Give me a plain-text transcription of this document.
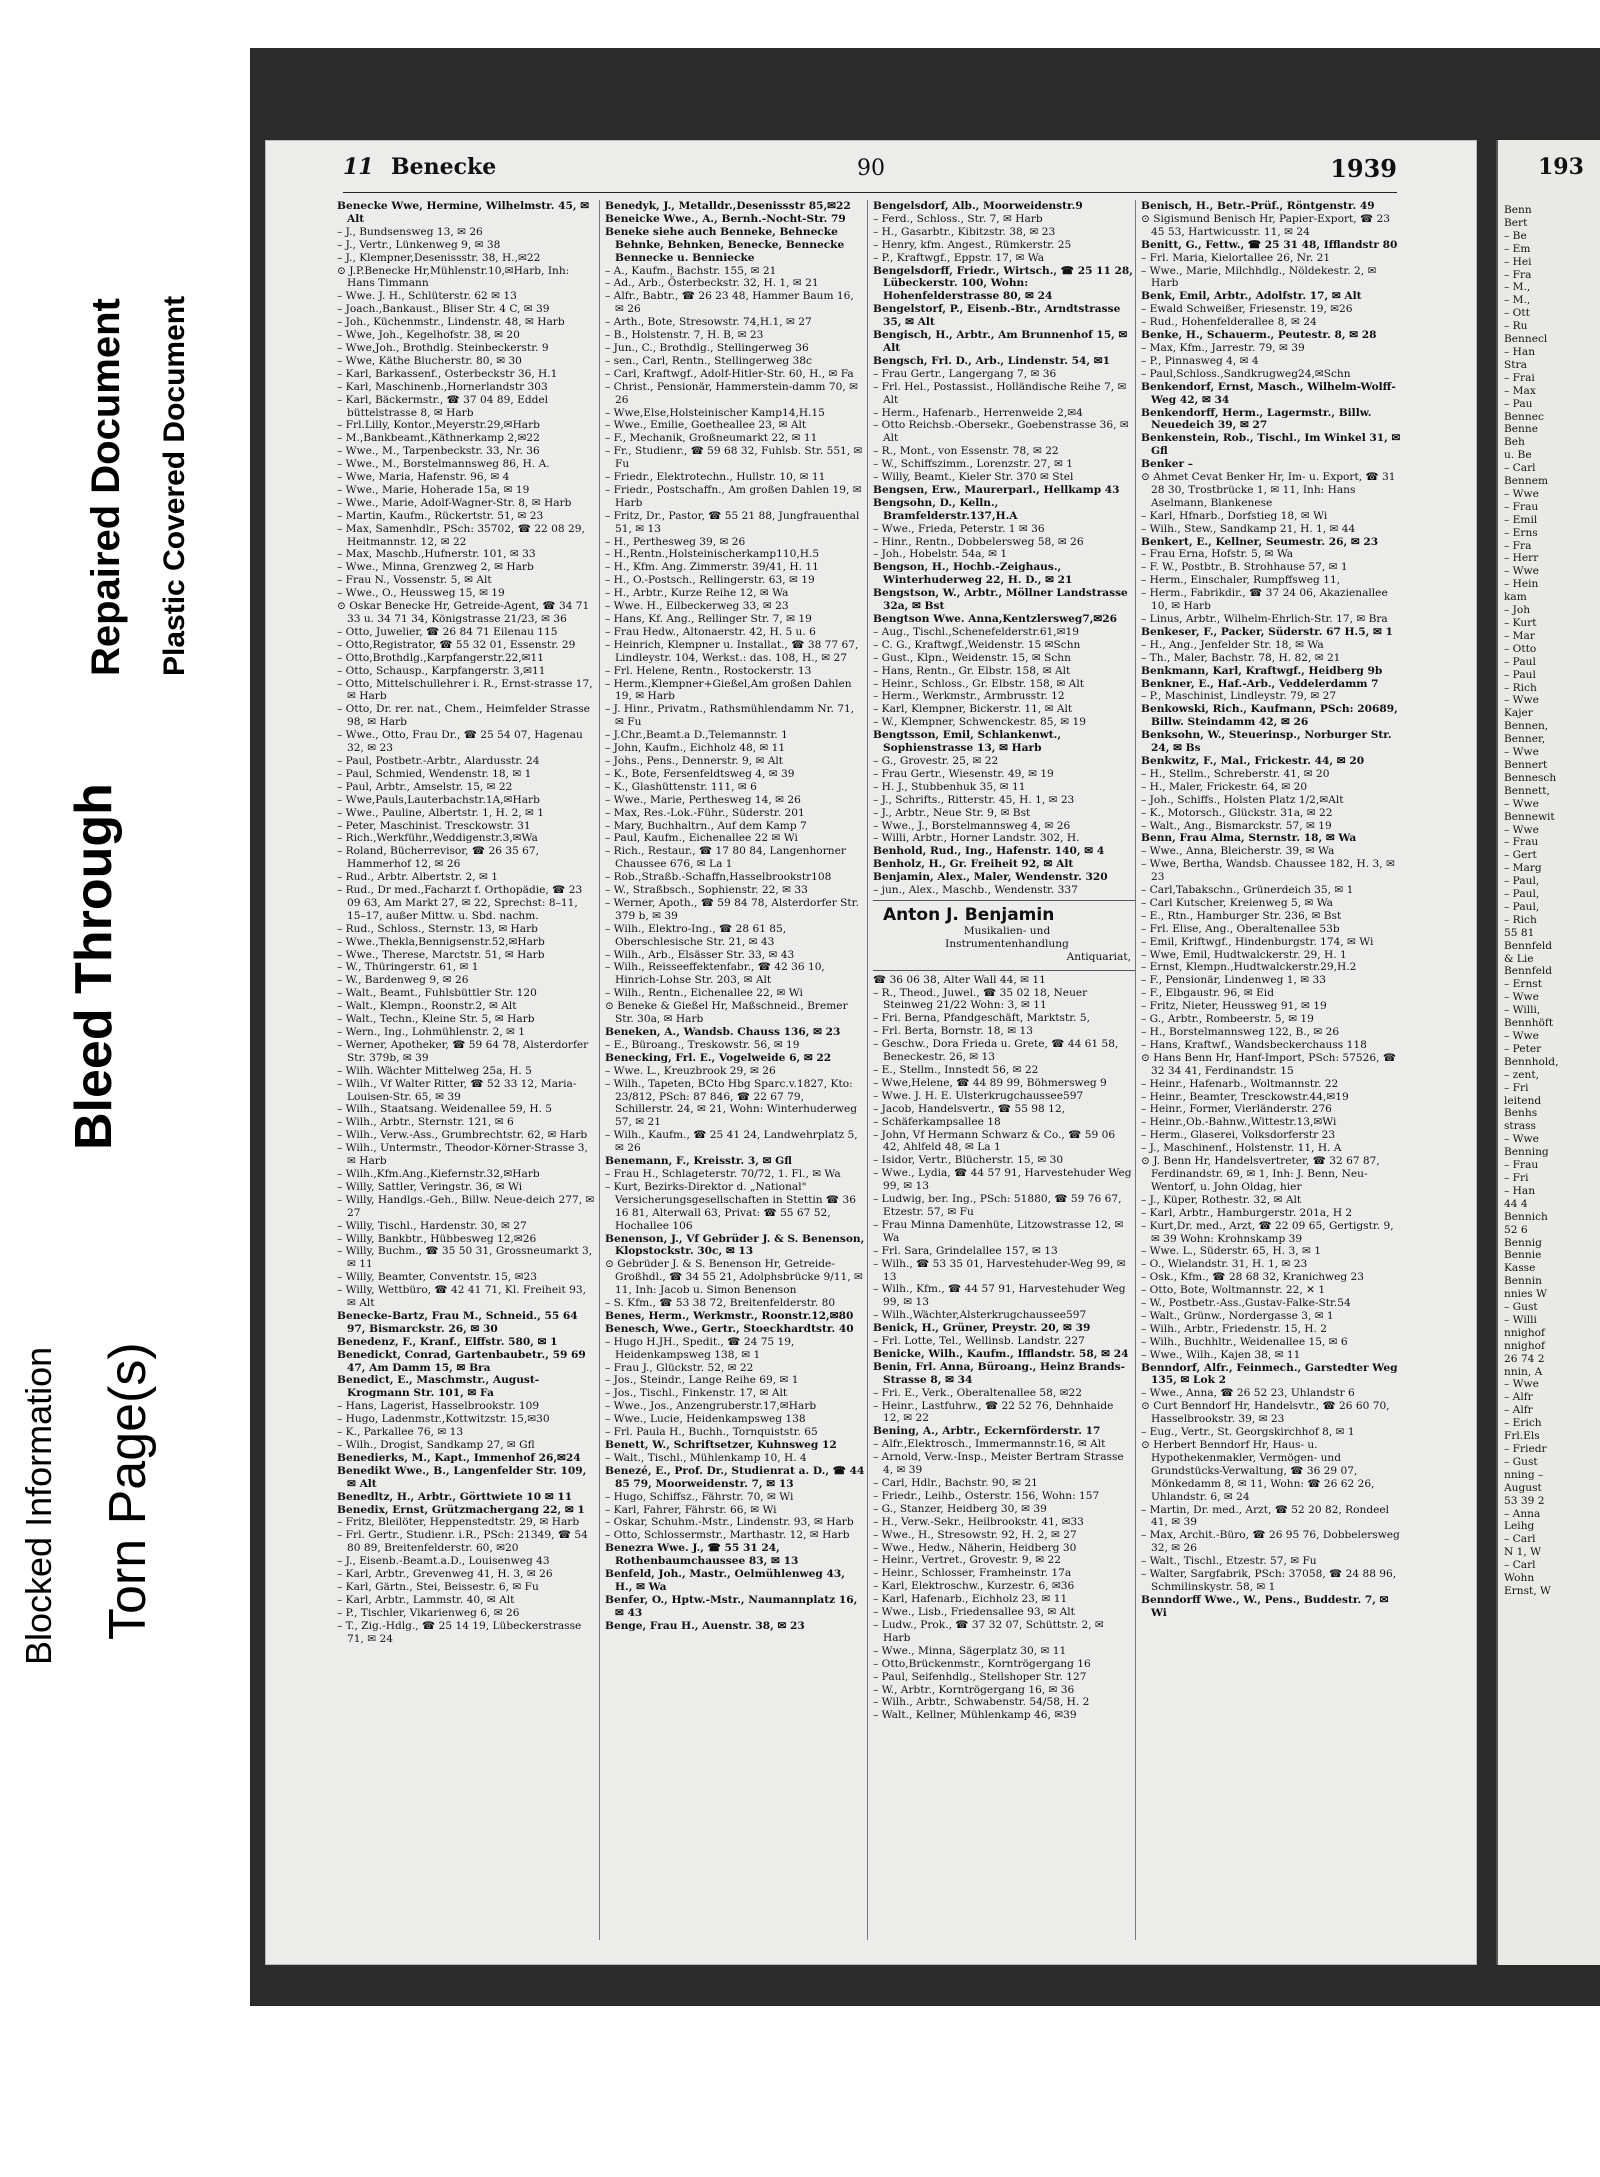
Blocked Information Torn Page(s)
Bleed Through
Repaired Document Plastic Covered Document
11 Benecke	90	1939

Benecke Wwe, Hermine, Wilhelmstr. 45, ✉ Alt

– J., Bundsensweg 13, ✉ 26

– J., Vertr., Lünkenweg 9, ✉ 38

– J., Klempner,Desenissstr. 38, H.,✉22

⊙ J.P.Benecke Hr,Mühlenstr.10,✉Harb, Inh: Hans Timmann

– Wwe. J. H., Schlüterstr. 62 ✉ 13

– Joach.,Bankaust., Bliser Str. 4 C, ✉ 39

– Joh., Küchenmstr., Lindenstr. 48, ✉ Harb

– Wwe, Joh., Kegelhofstr. 38, ✉ 20

– Wwe,Joh., Brothdlg. Steinbeckerstr. 9

– Wwe, Käthe Blucherstr. 80, ✉ 30

– Karl, Barkassenf., Osterbeckstr 36, H.1

– Karl, Maschinenb.,Hornerlandstr 303

– Karl, Bäckermstr., ☎ 37 04 89, Eddel büttelstrasse 8, ✉ Harb

– Frl.Lilly, Kontor.,Meyerstr.29,✉Harb

– M.,Bankbeamt.,Käthnerkamp 2,✉22

– Wwe., M., Tarpenbeckstr. 33, Nr. 36

– Wwe., M., Borstelmannsweg 86, H. A.

– Wwe, Maria, Hafenstr. 96, ✉ 4

– Wwe., Marie, Hoherade 15a, ✉ 19

– Wwe., Marie, Adolf-Wagner-Str. 8, ✉ Harb

– Martin, Kaufm., Rückertstr. 51, ✉ 23

– Max, Samenhdlr., PSch: 35702, ☎ 22 08 29, Heitmannstr. 12, ✉ 22

– Max, Maschb.,Hufnerstr. 101, ✉ 33

– Wwe., Minna, Grenzweg 2, ✉ Harb

– Frau N., Vossenstr. 5, ✉ Alt

– Wwe., O., Heussweg 15, ✉ 19

⊙ Oskar Benecke Hr, Getreide-Agent, ☎ 34 71 33 u. 34 71 34, Königstrasse 21/23, ✉ 36

– Otto, Juwelier, ☎ 26 84 71 Eilenau 115

– Otto,Registrator, ☎ 55 32 01, Essenstr. 29

– Otto,Brothdlg.,Karpfangerstr.22,✉11

– Otto, Schausp., Karpfangerstr. 3,✉11

– Otto, Mittelschullehrer i. R., Ernst-strasse 17, ✉ Harb

– Otto, Dr. rer. nat., Chem., Heimfelder Strasse 98, ✉ Harb

– Wwe., Otto, Frau Dr., ☎ 25 54 07, Hagenau 32, ✉ 23

– Paul, Postbetr.-Arbtr., Alardusstr. 24

– Paul, Schmied, Wendenstr. 18, ✉ 1

– Paul, Arbtr., Amselstr. 15, ✉ 22

– Wwe,Pauls,Lauterbachstr.1A,✉Harb

– Wwe., Pauline, Albertstr. 1, H. 2, ✉ 1

– Peter, Maschinist. Tresckowstr. 31

– Rich.,Werkführ.,Weddigenstr.3,✉Wa

– Roland, Bücherrevisor, ☎ 26 35 67, Hammerhof 12, ✉ 26

– Rud., Arbtr. Albertstr. 2, ✉ 1

– Rud., Dr med.,Facharzt f. Orthopädie, ☎ 23 09 63, Am Markt 27, ✉ 22, Sprechst: 8–11, 15–17, außer Mittw. u. Sbd. nachm.

– Rud., Schloss., Sternstr. 13, ✉ Harb

– Wwe.,Thekla,Bennigsenstr.52,✉Harb

– Wwe., Therese, Marctstr. 51, ✉ Harb

– W., Thüringerstr. 61, ✉ 1

– W., Bardenweg 9, ✉ 26

– Walt., Beamt., Fuhlsbüttler Str. 120

– Walt., Klempn., Roonstr.2, ✉ Alt

– Walt., Techn., Kleine Str. 5, ✉ Harb

– Wern., Ing., Lohmühlenstr. 2, ✉ 1

– Werner, Apotheker, ☎ 59 64 78, Alsterdorfer Str. 379b, ✉ 39

– Wilh. Wächter Mittelweg 25a, H. 5

– Wilh., Vf Walter Ritter, ☎ 52 33 12, Maria-Louisen-Str. 65, ✉ 39

– Wilh., Staatsang. Weidenallee 59, H. 5

– Wilh., Arbtr., Sternstr. 121, ✉ 6

– Wilh., Verw.-Ass., Grumbrechtstr. 62, ✉ Harb

– Wilh., Untermstr., Theodor-Körner-Strasse 3, ✉ Harb

– Wilh.,Kfm.Ang.,Kiefernstr.32,✉Harb

– Willy, Sattler, Veringstr. 36, ✉ Wi

– Willy, Handlgs.-Geh., Billw. Neue-deich 277, ✉ 27

– Willy, Tischl., Hardenstr. 30, ✉ 27

– Willy, Bankbtr., Hübbesweg 12,✉26

– Willy, Buchm., ☎ 35 50 31, Grossneumarkt 3, ✉ 11

– Willy, Beamter, Conventstr. 15, ✉23

– Willy, Wettbüro, ☎ 42 41 71, Kl. Freiheit 93, ✉ Alt

Benecke-Bartz, Frau M., Schneid., 55 64 97, Bismarckstr. 26, ✉ 30

Benedenz, F., Kranf., Elffstr. 580, ✉ 1

Benedickt, Conrad, Gartenbaubetr., 59 69 47, Am Damm 15, ✉ Bra

Benedict, E., Maschmstr., August-Krogmann Str. 101, ✉ Fa

– Hans, Lagerist, Hasselbrookstr. 109

– Hugo, Ladenmstr.,Kottwitzstr. 15,✉30

– K., Parkallee 76, ✉ 13

– Wilh., Drogist, Sandkamp 27, ✉ Gfl

Benedierks, M., Kapt., Immenhof 26,✉24

Benedikt Wwe., B., Langenfelder Str. 109, ✉ Alt

Benedltz, H., Arbtr., Görttwiete 10 ✉ 11

Benedix, Ernst, Grützmachergang 22, ✉ 1

– Fritz, Bleilöter, Heppenstedtstr. 29, ✉ Harb

– Frl. Gertr., Studienr. i.R., PSch: 21349, ☎ 54 80 89, Breitenfelderstr. 60, ✉20

– J., Eisenb.-Beamt.a.D., Louisenweg 43

– Karl, Arbtr., Grevenweg 41, H. 3, ✉ 26

– Karl, Gärtn., Stei, Beissestr. 6, ✉ Fu

– Karl, Arbtr., Lammstr. 40, ✉ Alt

– P., Tischler, Vikarienweg 6, ✉ 26

– T., Zig.-Hdlg., ☎ 25 14 19, Lübeckerstrasse 71, ✉ 24

Benedyk, J., Metalldr.,Desenissstr 85,✉22

Beneicke Wwe., A., Bernh.-Nocht-Str. 79

Beneke siehe auch Benneke, Behnecke Behnke, Behnken, Benecke, Bennecke Bennecke u. Benniecke

– A., Kaufm., Bachstr. 155, ✉ 21

– Ad., Arb., Österbeckstr. 32, H. 1, ✉ 21

– Alfr., Babtr., ☎ 26 23 48, Hammer Baum 16, ✉ 26

– Arth., Bote, Stresowstr. 74,H.1, ✉ 27

– B., Holstenstr. 7, H. B, ✉ 23

– Jun., C., Brothdlg., Stellingerweg 36

– sen., Carl, Rentn., Stellingerweg 38c

– Carl, Kraftwgf., Adolf-Hitler-Str. 60, H., ✉ Fa

– Christ., Pensionär, Hammerstein-damm 70, ✉ 26

– Wwe,Else,Holsteinischer Kamp14,H.15

– Wwe., Emilie, Goetheallee 23, ✉ Alt

– F., Mechanik, Großneumarkt 22, ✉ 11

– Fr., Studienr., ☎ 59 68 32, Fuhlsb. Str. 551, ✉ Fu

– Friedr., Elektrotechn., Hullstr. 10, ✉ 11

– Friedr., Postschaffn., Am großen Dahlen 19, ✉ Harb

– Fritz, Dr., Pastor, ☎ 55 21 88, Jungfrauenthal 51, ✉ 13

– H., Perthesweg 39, ✉ 26

– H.,Rentn.,Holsteinischerkamp110,H.5

– H., Kfm. Ang. Zimmerstr. 39/41, H. 11

– H., O.-Postsch., Rellingerstr. 63, ✉ 19

– H., Arbtr., Kurze Reihe 12, ✉ Wa

– Wwe. H., Eilbeckerweg 33, ✉ 23

– Hans, Kf. Ang., Rellinger Str. 7, ✉ 19

– Frau Hedw., Altonaerstr. 42, H. 5 u. 6

– Heinrich, Klempner u. Installat., ☎ 38 77 67, Lindleystr. 104, Werkst.: das. 108, H., ✉ 27

– Frl. Helene, Rentn., Rostockerstr. 13

– Herm.,Klempner+Gießel,Am großen Dahlen 19, ✉ Harb

– J. Hinr., Privatm., Rathsmühlendamm Nr. 71, ✉ Fu

– J.Chr.,Beamt.a D.,Telemannstr. 1

– John, Kaufm., Eichholz 48, ✉ 11

– Johs., Pens., Dennerstr. 9, ✉ Alt

– K., Bote, Fersenfeldtsweg 4, ✉ 39

– K., Glashüttenstr. 111, ✉ 6

– Wwe., Marie, Perthesweg 14, ✉ 26

– Max, Res.-Lok.-Führ., Süderstr. 201

– Mary, Buchhaltrn., Auf dem Kamp 7

– Paul, Kaufm., Eichenallee 22 ✉ Wi

– Rich., Restaur., ☎ 17 80 84, Langenhorner Chaussee 676, ✉ La 1

– Rob.,Straßb.-Schaffn,Hasselbrookstr108

– W., Straßbsch., Sophienstr. 22, ✉ 33

– Werner, Apoth., ☎ 59 84 78, Alsterdorfer Str. 379 b, ✉ 39

– Wilh., Elektro-Ing., ☎ 28 61 85, Oberschlesische Str. 21, ✉ 43

– Wilh., Arb., Elsässer Str. 33, ✉ 43

– Wilh., Reisseeffektenfabr., ☎ 42 36 10, Hinrich-Lohse Str. 203, ✉ Alt

– Wilh., Rentn., Eichenallee 22, ✉ Wi

⊙ Beneke & Gießel Hr, Maßschneid., Bremer Str. 30a, ✉ Harb

Beneken, A., Wandsb. Chauss 136, ✉ 23

– E., Büroang., Treskowstr. 56, ✉ 19

Benecking, Frl. E., Vogelweide 6, ✉ 22

– Wwe. L., Kreuzbrook 29, ✉ 26

– Wilh., Tapeten, BCto Hbg Sparc.v.1827, Kto: 23/812, PSch: 87 846, ☎ 22 67 79, Schillerstr. 24, ✉ 21, Wohn: Winterhuderweg 57, ✉ 21

– Wilh., Kaufm., ☎ 25 41 24, Landwehrplatz 5, ✉ 26

Benemann, F., Kreisstr. 3, ✉ Gfl

– Frau H., Schlageterstr. 70/72, 1. Fl., ✉ Wa

– Kurt, Bezirks-Direktor d. „National" Versicherungsgesellschaften in Stettin ☎ 36 16 81, Alterwall 63, Privat: ☎ 55 67 52, Hochallee 106

Benenson, J., Vf Gebrüder J. & S. Benenson, Klopstockstr. 30c, ✉ 13

⊙ Gebrüder J. & S. Benenson Hr, Getreide-Großhdl., ☎ 34 55 21, Adolphsbrücke 9/11, ✉ 11, Inh: Jacob u. Simon Benenson

– S. Kfm., ☎ 53 38 72, Breitenfelderstr. 80

Benes, Herm., Werkmstr., Roonstr.12,✉80

Benesch, Wwe., Gertr., Stoeckhardtstr. 40

– Hugo H.JH., Spedit., ☎ 24 75 19, Heidenkampsweg 138, ✉ 1

– Frau J., Glückstr. 52, ✉ 22

– Jos., Steindr., Lange Reihe 69, ✉ 1

– Jos., Tischl., Finkenstr. 17, ✉ Alt

– Wwe., Jos., Anzengruberstr.17,✉Harb

– Wwe., Lucie, Heidenkampsweg 138

– Frl. Paula H., Buchh., Tornquiststr. 65

Benett, W., Schriftsetzer, Kuhnsweg 12

– Walt., Tischl., Mühlenkamp 10, H. 4

Benezé, E., Prof. Dr., Studienrat a. D., ☎ 44 85 79, Moorweidenstr. 7, ✉ 13

– Hugo, Schiffsz., Fährstr. 70, ✉ Wi

– Karl, Fahrer, Fährstr. 66, ✉ Wi

– Oskar, Schuhm.-Mstr., Lindenstr. 93, ✉ Harb

– Otto, Schlossermstr., Marthastr. 12, ✉ Harb

Benezra Wwe. J., ☎ 55 31 24, Rothenbaumchaussee 83, ✉ 13

Benfeld, Joh., Mastr., Oelmühlenweg 43, H., ✉ Wa

Benfer, O., Hptw.-Mstr., Naumannplatz 16, ✉ 43

Benge, Frau H., Auenstr. 38, ✉ 23

Bengelsdorf, Alb., Moorweidenstr.9

– Ferd., Schloss., Str. 7, ✉ Harb

– H., Gasarbtr., Kibitzstr. 38, ✉ 23

– Henry, kfm. Angest., Rümkerstr. 25

– P., Kraftwgf., Eppstr. 17, ✉ Wa

Bengelsdorff, Friedr., Wirtsch., ☎ 25 11 28, Lübeckerstr. 100, Wohn: Hohenfelderstrasse 80, ✉ 24

Bengelstorf, P., Eisenb.-Btr., Arndtstrasse 35, ✉ Alt

Bengisch, H., Arbtr., Am Brunnenhof 15, ✉ Alt

Bengsch, Frl. D., Arb., Lindenstr. 54, ✉1

– Frau Gertr., Langergang 7, ✉ 36

– Frl. Hel., Postassist., Holländische Reihe 7, ✉ Alt

– Herm., Hafenarb., Herrenweide 2,✉4

– Otto Reichsb.-Obersekr., Goebenstrasse 36, ✉ Alt

– R., Mont., von Essenstr. 78, ✉ 22

– W., Schiffszimm., Lorenzstr. 27, ✉ 1

– Willy, Beamt., Kieler Str. 370 ✉ Stel

Bengsen, Erw., Maurerparl., Hellkamp 43

Bengsohn, D., Kelln., Bramfelderstr.137,H.A

– Wwe., Frieda, Peterstr. 1 ✉ 36

– Hinr., Rentn., Dobbelersweg 58, ✉ 26

– Joh., Hobelstr. 54a, ✉ 1

Bengson, H., Hochb.-Zeighaus., Winterhuderweg 22, H. D., ✉ 21

Bengstson, W., Arbtr., Möllner Landstrasse 32a, ✉ Bst

Bengtson Wwe. Anna,Kentzlersweg7,✉26

– Aug., Tischl.,Schenefelderstr.61,✉19

– C. G., Kraftwgf.,Weidenstr. 15 ✉Schn

– Gust., Klpn., Weidenstr. 15, ✉ Schn

– Hans, Rentn., Gr. Elbstr. 158, ✉ Alt

– Heinr., Schloss., Gr. Elbstr. 158, ✉ Alt

– Herm., Werkmstr., Armbrusstr. 12

– Karl, Klempner, Bickerstr. 11, ✉ Alt

– W., Klempner, Schwenckestr. 85, ✉ 19

Bengtsson, Emil, Schlankenwt., Sophienstrasse 13, ✉ Harb

– G., Grovestr. 25, ✉ 22

– Frau Gertr., Wiesenstr. 49, ✉ 19

– H. J., Stubbenhuk 35, ✉ 11

– J., Schrifts., Ritterstr. 45, H. 1, ✉ 23

– J., Arbtr., Neue Str. 9, ✉ Bst

– Wwe., J., Borstelmannsweg 4, ✉ 26

– Willi, Arbtr., Horner Landstr. 302, H.

Benhold, Rud., Ing., Hafenstr. 140, ✉ 4

Benholz, H., Gr. Freiheit 92, ✉ Alt

Benjamin, Alex., Maler, Wendenstr. 320

– jun., Alex., Maschb., Wendenstr. 337

Anton J. Benjamin
Musikalien- und
Instrumentenhandlung
Antiquariat,

☎ 36 06 38, Alter Wall 44, ✉ 11

– R., Theod., Juwel., ☎ 35 02 18, Neuer Steinweg 21/22 Wohn: 3, ✉ 11

– Fri. Berna, Pfandgeschäft, Marktstr. 5,

– Frl. Berta, Bornstr. 18, ✉ 13

– Geschw., Dora Frieda u. Grete, ☎ 44 61 58, Beneckestr. 26, ✉ 13

– E., Stellm., Innstedt 56, ✉ 22

– Wwe,Helene, ☎ 44 89 99, Böhmersweg 9

– Wwe. J. H. E. Ulsterkrugchaussee597

– Jacob, Handelsvertr., ☎ 55 98 12,

– Schäferkampsallee 18

– John, Vf Hermann Schwarz & Co., ☎ 59 06 42, Ahlfeld 48, ✉ La 1

– Isidor, Vertr., Blücherstr. 15, ✉ 30

– Wwe., Lydia, ☎ 44 57 91, Harvestehuder Weg 99, ✉ 13

– Ludwig, ber. Ing., PSch: 51880, ☎ 59 76 67, Etzestr. 57, ✉ Fu

– Frau Minna Damenhüte, Litzowstrasse 12, ✉ Wa

– Frl. Sara, Grindelallee 157, ✉ 13

– Wilh., ☎ 53 35 01, Harvestehuder-Weg 99, ✉ 13

– Wilh., Kfm., ☎ 44 57 91, Harvestehuder Weg 99, ✉ 13

– Wilh.,Wächter,Alsterkrugchaussee597

Benick, H., Grüner, Preystr. 20, ✉ 39

– Frl. Lotte, Tel., Wellinsb. Landstr. 227

Benicke, Wilh., Kaufm., Ifflandstr. 58, ✉ 24

Benin, Frl. Anna, Büroang., Heinz Brands-Strasse 8, ✉ 34

– Fri. E., Verk., Oberaltenallee 58, ✉22

– Heinr., Lastfuhrw., ☎ 22 52 76, Dehnhaide 12, ✉ 22

Bening, A., Arbtr., Eckernförderstr. 17

– Alfr.,Elektrosch., Immermannstr.16, ✉ Alt

– Arnold, Verw.-Insp., Meister Bertram Strasse 4, ✉ 39

– Carl, Hdlr., Bachstr. 90, ✉ 21

– Friedr., Leihb., Osterstr. 156, Wohn: 157

– G., Stanzer, Heidberg 30, ✉ 39

– H., Verw.-Sekr., Heilbrookstr. 41, ✉33

– Wwe., H., Stresowstr. 92, H. 2, ✉ 27

– Wwe., Hedw., Näherin, Heidberg 30

– Heinr., Vertret., Grovestr. 9, ✉ 22

– Heinr., Schlosser, Framheinstr. 17a

– Karl, Elektroschw., Kurzestr. 6, ✉36

– Karl, Hafenarb., Eichholz 23, ✉ 11

– Wwe., Lisb., Friedensallee 93, ✉ Alt

– Ludw., Prok., ☎ 37 32 07, Schüttstr. 2, ✉ Harb

– Wwe., Minna, Sägerplatz 30, ✉ 11

– Otto,Brückenmstr., Korntrögergang 16

– Paul, Seifenhdlg., Stellshoper Str. 127

– W., Arbtr., Korntrögergang 16, ✉ 36

– Wilh., Arbtr., Schwabenstr. 54/58, H. 2

– Walt., Kellner, Mühlenkamp 46, ✉39

Benisch, H., Betr.-Prüf., Röntgenstr. 49

⊙ Sigismund Benisch Hr, Papier-Export, ☎ 23 45 53, Hartwicusstr. 11, ✉ 24

Benitt, G., Fettw., ☎ 25 31 48, Ifflandstr 80

– Frl. Maria, Kielortallee 26, Nr. 21

– Wwe., Marie, Milchhdlg., Nöldekestr. 2, ✉ Harb

Benk, Emil, Arbtr., Adolfstr. 17, ✉ Alt

– Ewald Schweißer, Friesenstr. 19, ✉26

– Rud., Hohenfelderallee 8, ✉ 24

Benke, H., Schauerm., Peutestr. 8, ✉ 28

– Max, Kfm., Jarrestr. 79, ✉ 39

– P., Pinnasweg 4, ✉ 4

– Paul,Schloss.,Sandkrugweg24,✉Schn

Benkendorf, Ernst, Masch., Wilhelm-Wolff-Weg 42, ✉ 34

Benkendorff, Herm., Lagermstr., Billw. Neuedeich 39, ✉ 27

Benkenstein, Rob., Tischl., Im Winkel 31, ✉ Gfl

Benker –

⊙ Ahmet Cevat Benker Hr, Im- u. Export, ☎ 31 28 30, Trostbrücke 1, ✉ 11, Inh: Hans Aselmann, Blankenese

– Karl, Hfnarb., Dorfstieg 18, ✉ Wi

– Wilh., Stew., Sandkamp 21, H. 1, ✉ 44

Benkert, E., Kellner, Seumestr. 26, ✉ 23

– Frau Erna, Hofstr. 5, ✉ Wa

– F. W., Postbtr., B. Strohhause 57, ✉ 1

– Herm., Einschaler, Rumpffsweg 11,

– Herm., Fabrikdir., ☎ 37 24 06, Akazienallee 10, ✉ Harb

– Linus, Arbtr., Wilhelm-Ehrlich-Str. 17, ✉ Bra

Benkeser, F., Packer, Süderstr. 67 H.5, ✉ 1

– H., Ang., Jenfelder Str. 18, ✉ Wa

– Th., Maler, Bachstr. 78, H. 82, ✉ 21

Benkmann, Karl, Kraftwgf., Heidberg 9b

Benkner, E., Haf.-Arb., Veddelerdamm 7

– P., Maschinist, Lindleystr. 79, ✉ 27

Benkowski, Rich., Kaufmann, PSch: 20689, Billw. Steindamm 42, ✉ 26

Benksohn, W., Steuerinsp., Norburger Str. 24, ✉ Bs

Benkwitz, F., Mal., Frickestr. 44, ✉ 20

– H., Stellm., Schreberstr. 41, ✉ 20

– H., Maler, Frickestr. 64, ✉ 20

– Joh., Schiffs., Holsten Platz 1/2,✉Alt

– K., Motorsch., Glückstr. 31a, ✉ 22

– Walt., Ang., Bismarckstr. 57, ✉ 19

Benn, Frau Alma, Sternstr. 18, ✉ Wa

– Wwe., Anna, Bleicherstr. 39, ✉ Wa

– Wwe, Bertha, Wandsb. Chaussee 182, H. 3, ✉ 23

– Carl,Tabakschn., Grünerdeich 35, ✉ 1

– Carl Kutscher, Kreienweg 5, ✉ Wa

– E., Rtn., Hamburger Str. 236, ✉ Bst

– Frl. Elise, Ang., Oberaltenallee 53b

– Emil, Kriftwgf., Hindenburgstr. 174, ✉ Wi

– Wwe, Emil, Hudtwalckerstr. 29, H. 1

– Ernst, Klempn.,Hudtwalckerstr.29,H.2

– F., Pensionär, Lindenweg 1, ✉ 33

– F., Elbgaustr. 96, ✉ Eid

– Fritz, Nieter, Heussweg 91, ✉ 19

– G., Arbtr., Rombeerstr. 5, ✉ 19

– H., Borstelmannsweg 122, B., ✉ 26

– Hans, Kraftwf., Wandsbeckerchauss 118

⊙ Hans Benn Hr, Hanf-Import, PSch: 57526, ☎ 32 34 41, Ferdinandstr. 15

– Heinr., Hafenarb., Woltmannstr. 22

– Heinr., Beamter, Tresckowstr.44,✉19

– Heinr., Former, Vierländerstr. 276

– Heinr.,Ob.-Bahnw.,Wittestr.13,✉Wi

– Herm., Glaserei, Volksdorferstr 23

– J., Maschinenf., Holstenstr. 11, H. A

⊙ J. Benn Hr, Handelsvertreter, ☎ 32 67 87, Ferdinandstr. 69, ✉ 1, Inh: J. Benn, Neu-Wentorf, u. John Oldag, hier

– J., Küper, Rothestr. 32, ✉ Alt

– Karl, Arbtr., Hamburgerstr. 201a, H 2

– Kurt,Dr. med., Arzt, ☎ 22 09 65, Gertigstr. 9, ✉ 39 Wohn: Krohnskamp 39

– Wwe. L., Süderstr. 65, H. 3, ✉ 1

– O., Wielandstr. 31, H. 1, ✉ 23

– Osk., Kfm., ☎ 28 68 32, Kranichweg 23

– Otto, Bote, Woltmannstr. 22, ✕ 1

– W., Postbetr.-Ass.,Gustav-Falke-Str.54

– Walt., Grünw., Nordergasse 3, ✉ 1

– Wilh., Arbtr., Friedenstr. 15, H. 2

– Wilh., Buchhltr., Weidenallee 15, ✉ 6

– Wwe., Wilh., Kajen 38, ✉ 11

Benndorf, Alfr., Feinmech., Garstedter Weg 135, ✉ Lok 2

– Wwe., Anna, ☎ 26 52 23, Uhlandstr 6

⊙ Curt Benndorf Hr, Handelsvtr., ☎ 26 60 70, Hasselbrookstr. 39, ✉ 23

– Eug., Vertr., St. Georgskirchhof 8, ✉ 1

⊙ Herbert Benndorf Hr, Haus- u. Hypothekenmakler, Vermögen- und Grundstücks-Verwaltung, ☎ 36 29 07, Mönkedamm 8, ✉ 11, Wohn: ☎ 26 62 26, Uhlandstr. 6, ✉ 24

– Martin, Dr. med., Arzt, ☎ 52 20 82, Rondeel 41, ✉ 39

– Max, Archit.-Büro, ☎ 26 95 76, Dobbelersweg 32, ✉ 26

– Walt., Tischl., Etzestr. 57, ✉ Fu

– Walter, Sargfabrik, PSch: 37058, ☎ 24 88 96, Schmilinskystr. 58, ✉ 1

Benndorff Wwe., W., Pens., Buddestr. 7, ✉ Wi

193

Benn

Bert

– Be

– Em

– Hei

– Fra

– M.,

– M.,

– Ott

– Ru

Bennecl

– Han

Stra

– Frai

– Max

– Pau

Bennec

Benne

Beh

u. Be

– Carl

Bennem

– Wwe

– Frau

– Emil

– Erns

– Fra

– Herr

– Wwe

– Hein

kam

– Joh

– Kurt

– Mar

– Otto

– Paul

– Paul

– Rich

– Wwe

Kajer

Bennen,

Benner,

– Wwe

Bennert

Bennesch

Bennett,

– Wwe

Bennewit

– Wwe

– Frau

– Gert

– Marg

– Paul,

– Paul,

– Paul,

– Rich

55 81

Bennfeld

& Lie

Bennfeld

– Ernst

– Wwe

– Willi,

Bennhöft

– Wwe

– Peter

Bennhold,

– zent,

– Fri

leitend

Benhs

strass

– Wwe

Benning

– Frau

– Fri

– Han

44 4

Bennich

52 6

Bennig

Bennie

Kasse

Bennin

nnies W

– Gust

– Willi

nnighof

nnighof

26 74 2

nnin, A

– Wwe

– Alfr

– Alfr

– Erich

Frl.Els

– Friedr

– Gust

nning –

August

53 39 2

– Anna

Leihg

– Carl

N 1, W

– Carl

Wohn

Ernst, W
